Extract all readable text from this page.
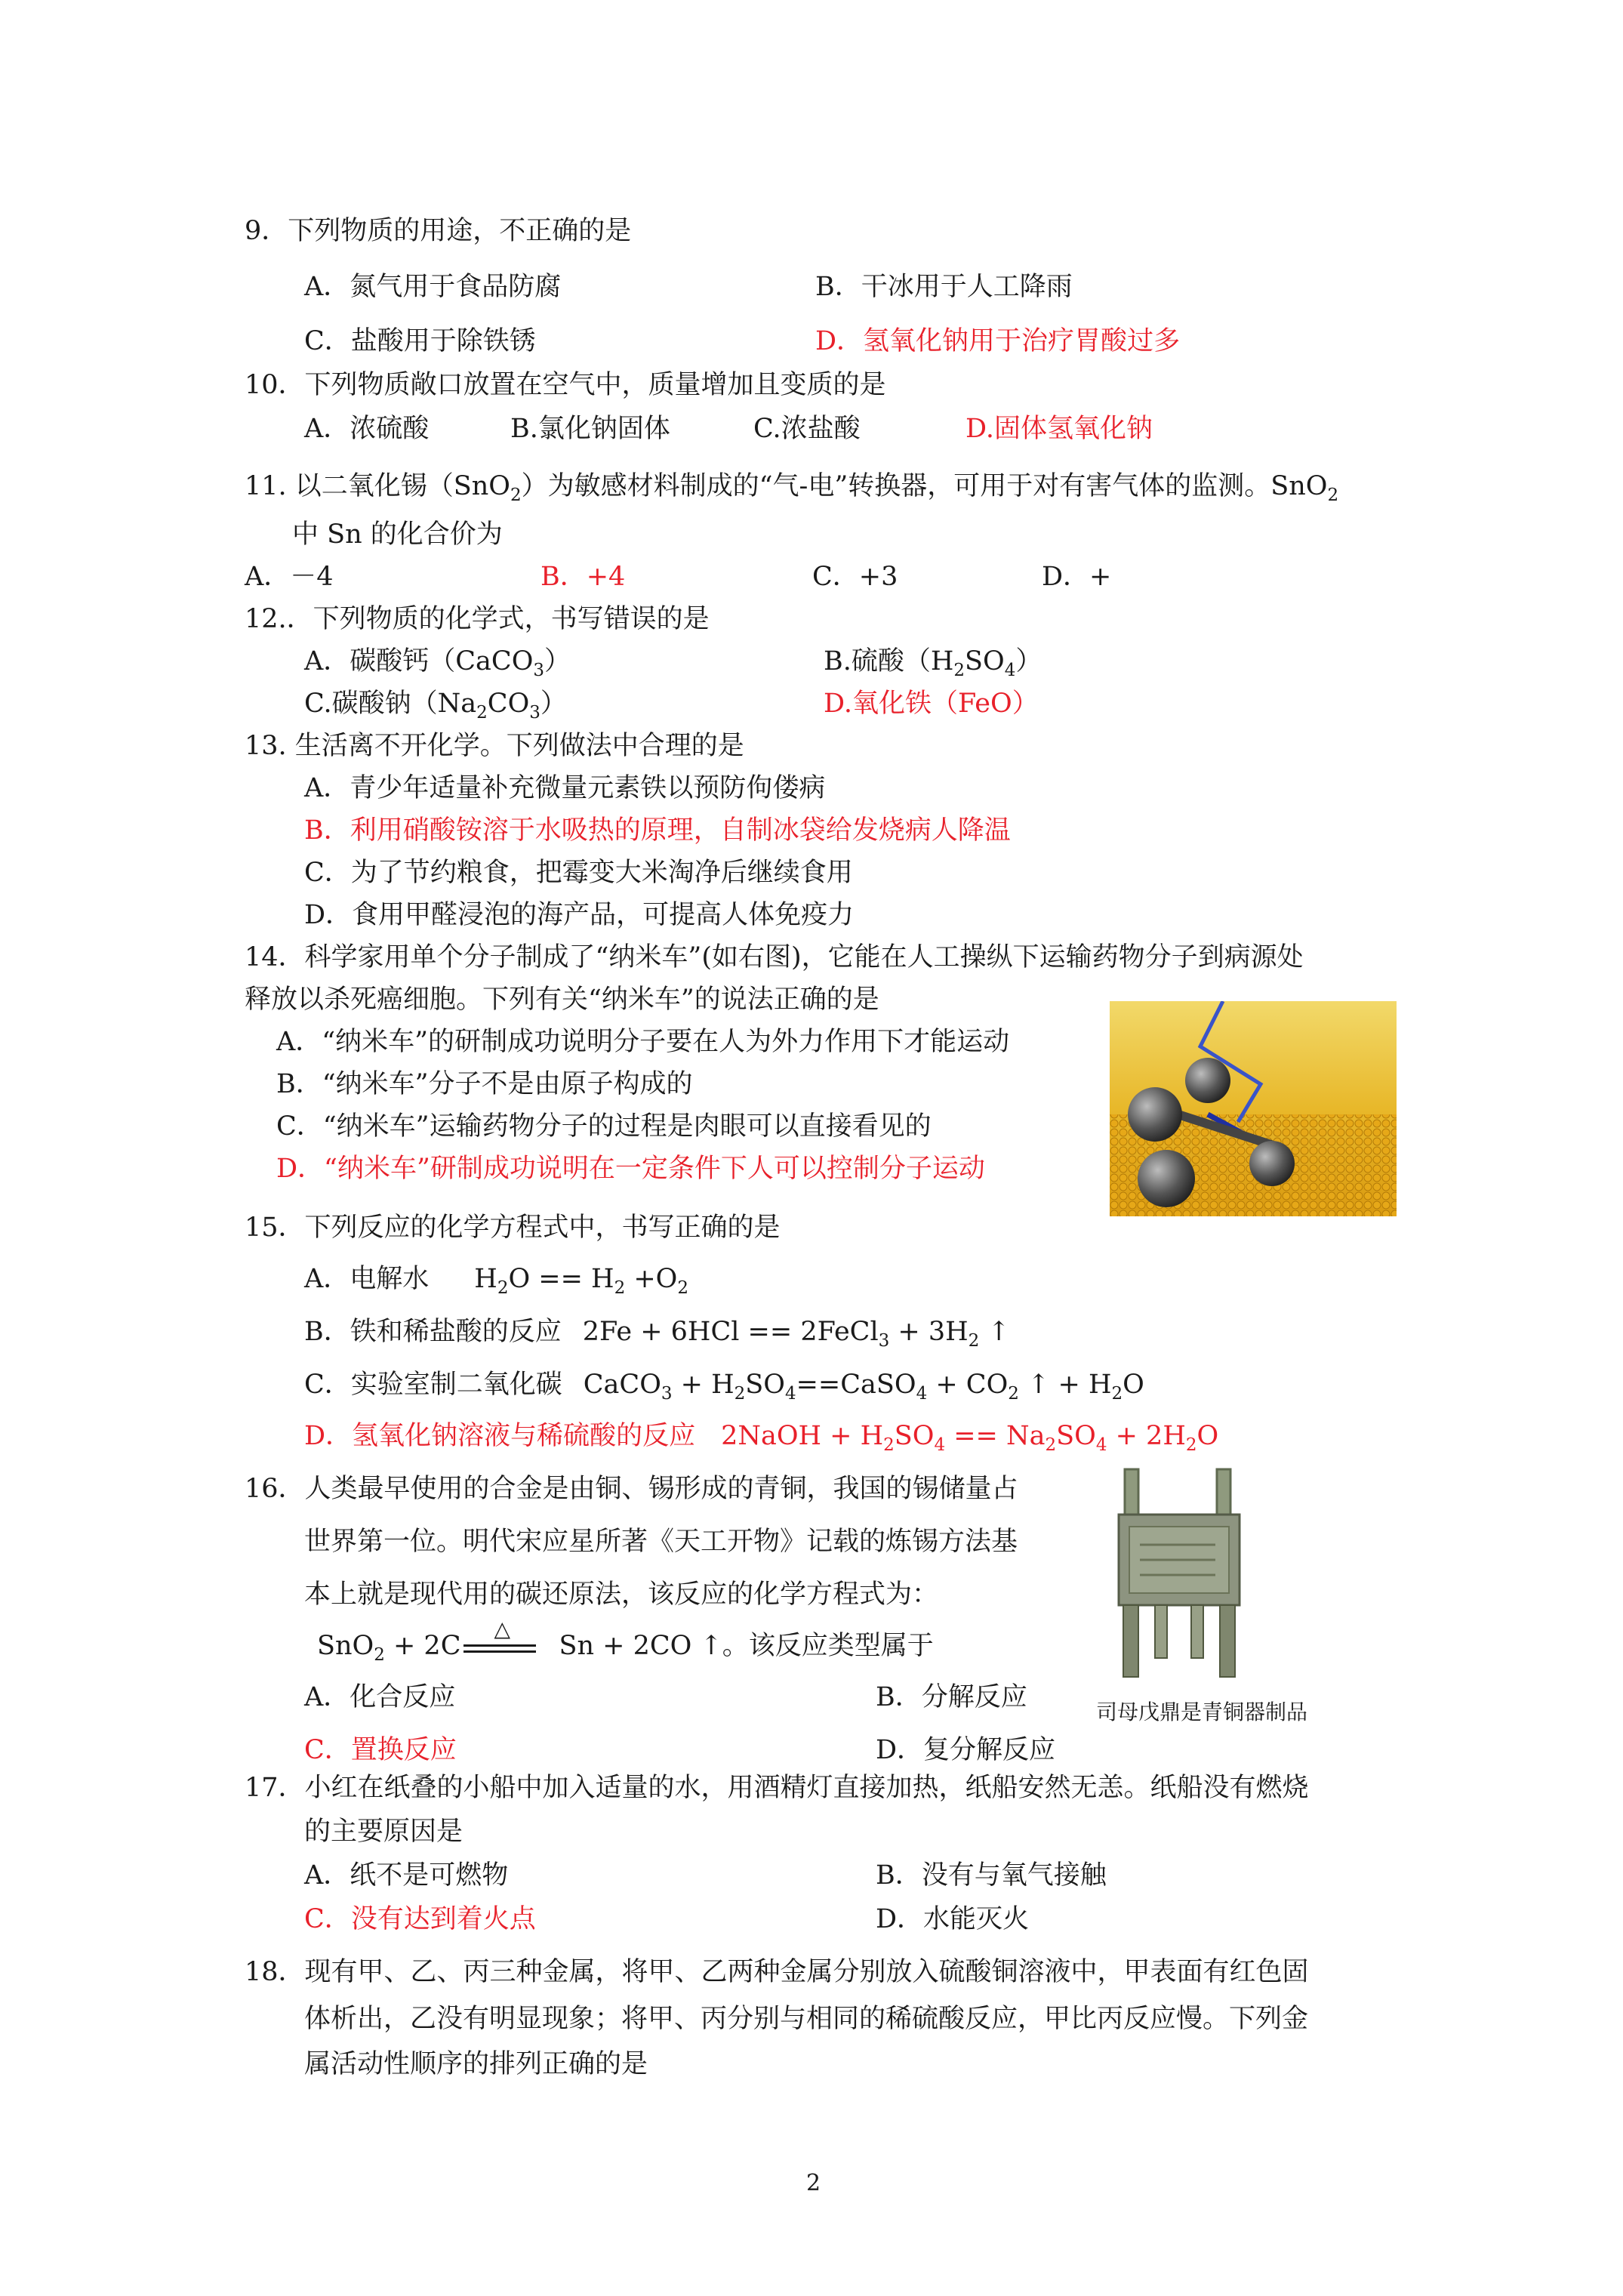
9．下列物质的用途，不正确的是
A．氮气用于食品防腐	B．干冰用于人工降雨
C．盐酸用于除铁锈	D．氢氧化钠用于治疗胃酸过多
10．下列物质敞口放置在空气中，质量增加且变质的是
A．浓硫酸	B.氯化钠固体	C.浓盐酸	D.固体氢氧化钠
11. 以二氧化锡（SnO$_2$）为敏感材料制成的“气-电”转换器，可用于对有害气体的监测。SnO$_2$
中 Sn 的化合价为
A．－4	B．+4	C．+3	D．+
12.．下列物质的化学式，书写错误的是
A．碳酸钙（CaCO$_3$）	B.硫酸$(H_2SO_4)$
C.碳酸钠$(Na_2CO_3)$	D.氧化铁（FeO）
13. 生活离不开化学。下列做法中合理的是
A．青少年适量补充微量元素铁以预防佝偻病
B．利用硝酸铵溶于水吸热的原理，自制冰袋给发烧病人降温
C．为了节约粮食，把霉变大米淘净后继续食用
D．食用甲醛浸泡的海产品，可提高人体免疫力
14．科学家用单个分子制成了“纳米车”(如右图)，它能在人工操纵下运输药物分子到病源处
释放以杀死癌细胞。下列有关“纳米车”的说法正确的是
A．“纳米车”的研制成功说明分子要在人为外力作用下才能运动
B．“纳米车”分子不是由原子构成的
C．“纳米车”运输药物分子的过程是肉眼可以直接看见的
D．“纳米车”研制成功说明在一定条件下人可以控制分子运动
15．下列反应的化学方程式中，书写正确的是
A．电解水 $H_2O == H_2 +O_2$
B．铁和稀盐酸的反应 2Fe + 6HCl == 2FeCl$_3$ + $3H_2$ ↑
C．实验室制二氧化碳 CaCO$_3$ + $H_2SO_4==CaSO_4 + CO_2$ ↑ + $H_2O$
D．氢氧化钠溶液与稀硫酸的反应 2NaOH + $H_2SO_4 == Na_2SO_4 + 2H_2O$
16．人类最早使用的合金是由铜、锡形成的青铜，我国的锡储量占
世界第一位。明代宋应星所著《天工开物》记载的炼锡方法基
本上就是现代用的碳还原法，该反应的化学方程式为：
SnO$_2$ + 2C
△
Sn + 2CO ↑。该反应类型属于
A．化合反应	B．分解反应
C．置换反应	D．复分解反应
司母戊鼎是青铜器制品
17．小红在纸叠的小船中加入适量的水，用酒精灯直接加热，纸船安然无恙。纸船没有燃烧
的主要原因是
A．纸不是可燃物	B．没有与氧气接触
C．没有达到着火点	D．水能灭火
18．现有甲、乙、丙三种金属，将甲、乙两种金属分别放入硫酸铜溶液中，甲表面有红色固
体析出，乙没有明显现象；将甲、丙分别与相同的稀硫酸反应，甲比丙反应慢。下列金
属活动性顺序的排列正确的是
2
